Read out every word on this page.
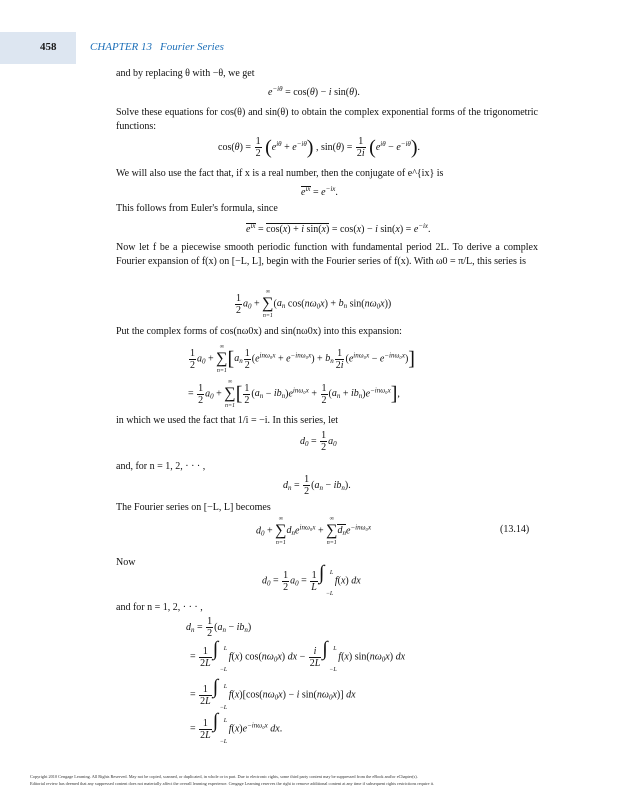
458	CHAPTER 13 Fourier Series
and by replacing θ with −θ, we get
$e^{-i\theta} = \cos(\theta) - i$ sin(θ).
Solve these equations for cos(θ) and sin(θ) to obtain the complex exponential forms of the trigonometric functions:
$\cos(\theta) = \frac{1}{2} (e^{i\theta} + e^{-i\theta})$ , $\sin(\theta) = \frac{1}{2i} (e^{i\theta} - e^{-i\theta})$.
We will also use the fact that, if x is a real number, then the conjugate of e^{ix} is
$e^{ix} = e^{-ix}$.
This follows from Euler's formula, since
$e^{ix} = \cos(x) + i$ sin(x) = cos(x) − i $\sin(x) = e^{-ix}$.
Now let f be a piecewise smooth periodic function with fundamental period 2L. To derive a complex Fourier expansion of f(x) on [−L, L], begin with the Fourier series of f(x). With ω0 = π/L, this series is
$\frac{1}{2} a_0$ +
∞
∑
n=1
($a_n$ $\cos(n\omega_0x) + b_n$ $\sin(n\omega_0x)$)
Put the complex forms of cos(nω0x) and sin(nω0x) into this expansion:
$\frac{1}{2} a_0$ +
∞
∑
n=1
$[a_n \frac{1}{2} (e^{in\omega_0x} + e^{-in\omega_0x}) + b_n \frac{1}{2i} (e^{in\omega_0x} - e^{-in\omega_0x})]$
= $\frac{1}{2} a_0$ +
∞
∑
n=1
[ $\frac{1}{2} (a_n - ib_n)e^{in\omega_0x} + \frac{1}{2} (a_n + ib_n)e^{-in\omega_0x}$],
in which we used the fact that 1/i = −i. In this series, let
$d_0 = \frac{1}{2} a_0$
and, for n = 1, 2, · · · ,
$d_n = \frac{1}{2} (a_n - ib_n)$.
The Fourier series on [−L, L] becomes
$d_0$ +
∞
∑
n=1
$d_ne^{in\omega_0x}$ +
∞
∑
n=1
$d_ne^{-in\omega_0x}$	(13.14)
Now
$d_0 = \frac{1}{2} a_0 = \frac{1}{L}$ ∫ L
−L
f(x) dx
and for n = 1, 2, · · · ,
$d_n = \frac{1}{2} (a_n - ib_n)$
= $\frac{1}{2L}$ ∫ L
−L
f(x) $\cos(n\omega_0x)$ dx − $\frac{i}{2L}$ ∫ L
−L
f(x) $\sin(n\omega_0x)$ dx
= $\frac{1}{2L}$ ∫ L
−L
$f(x)[\cos(n\omega_0x) - i$ $\sin(n\omega_0x)$] dx
= $\frac{1}{2L}$ ∫ L
−L
$f(x)e^{-in\omega_0x}$ dx.
Copyright 2010 Cengage Learning. All Rights Reserved. May not be copied, scanned, or duplicated, in whole or in part. Due to electronic rights, some third party content may be suppressed from the eBook and/or eChapter(s).
Editorial review has deemed that any suppressed content does not materially affect the overall learning experience. Cengage Learning reserves the right to remove additional content at any time if subsequent rights restrictions require it.
